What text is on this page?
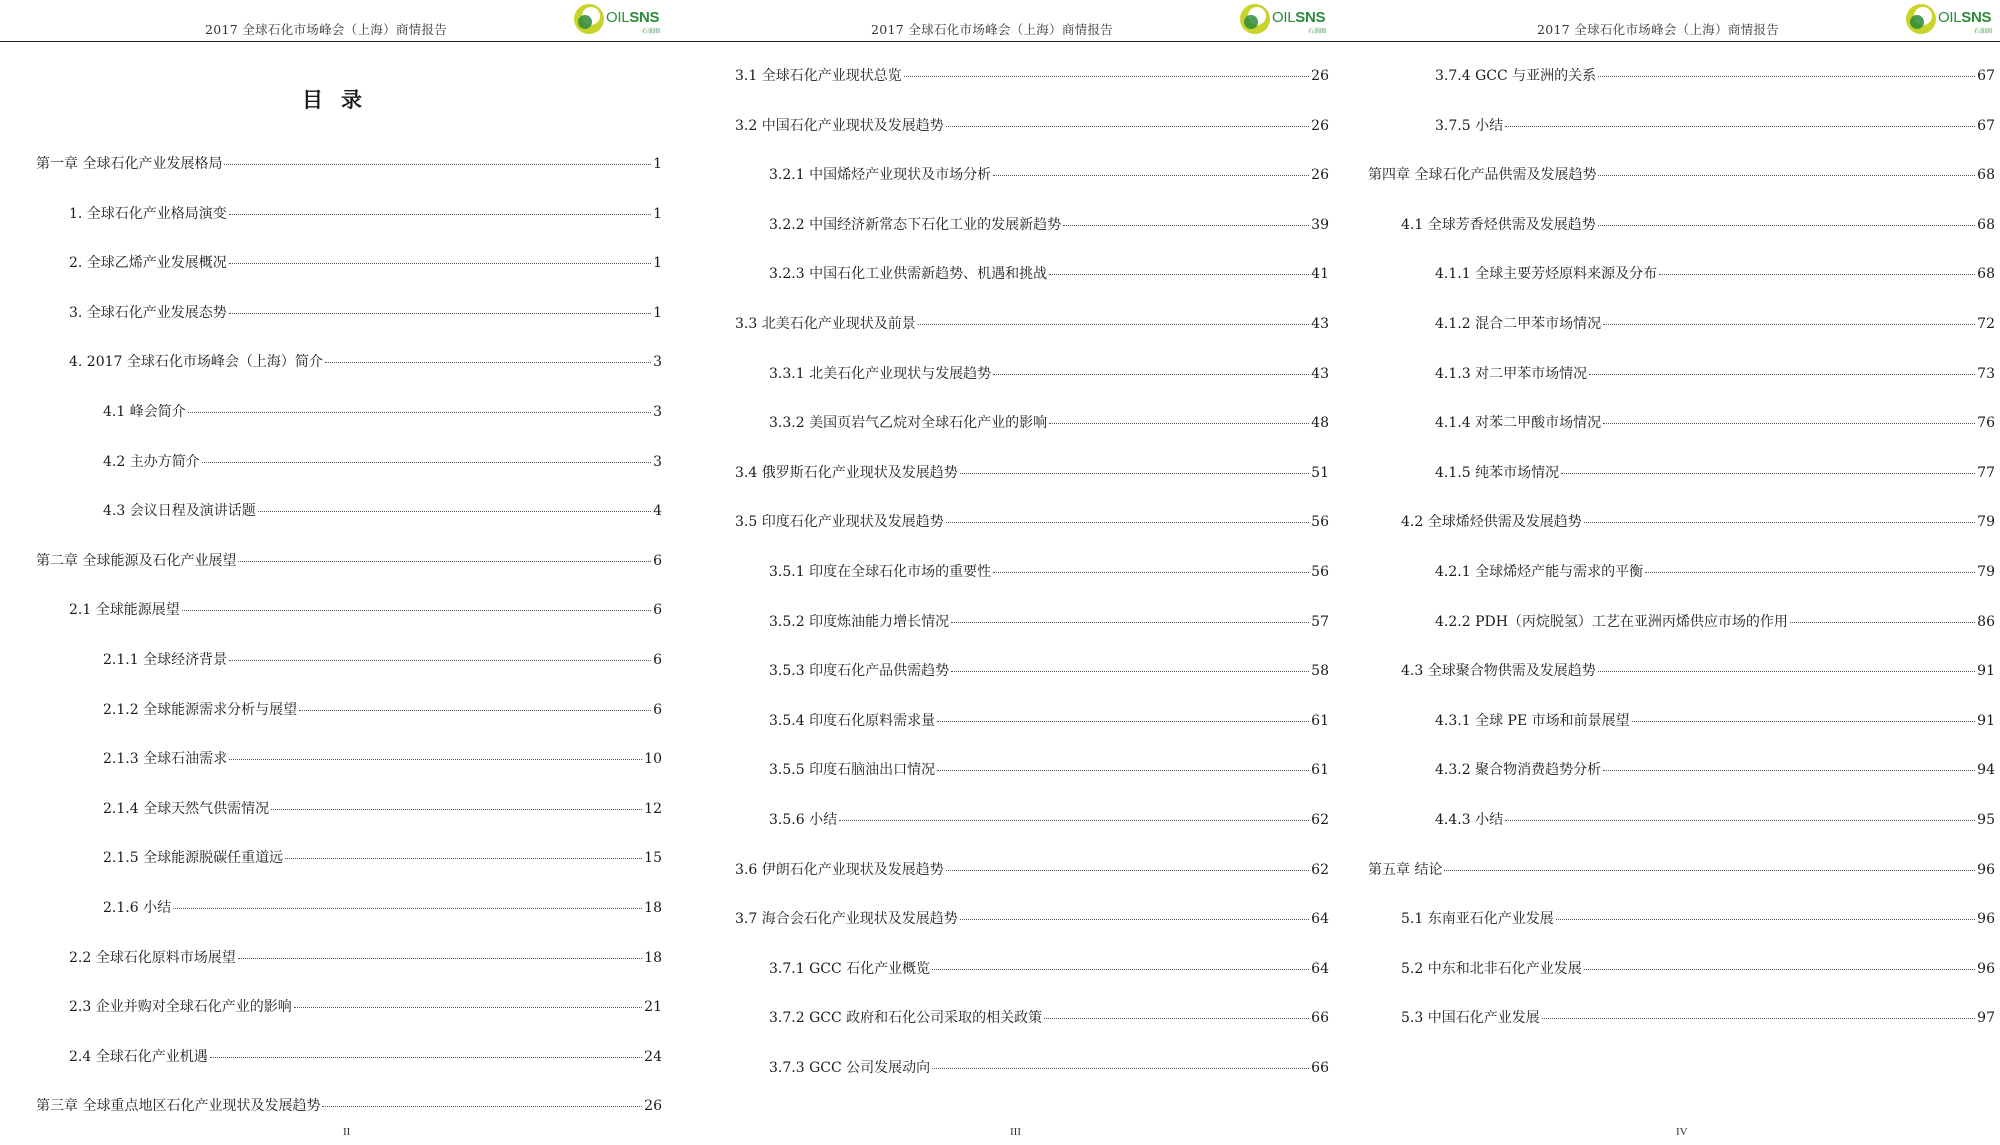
2017 全球石化市场峰会（上海）商情报告
OILSNS
石油圈
目录
第一章 全球石化产业发展格局	1
1. 全球石化产业格局演变	1
2. 全球乙烯产业发展概况	1
3. 全球石化产业发展态势	1
4. 2017 全球石化市场峰会（上海）简介	3
4.1 峰会简介	3
4.2 主办方简介	3
4.3 会议日程及演讲话题	4
第二章 全球能源及石化产业展望	6
2.1 全球能源展望	6
2.1.1 全球经济背景	6
2.1.2 全球能源需求分析与展望	6
2.1.3 全球石油需求	10
2.1.4 全球天然气供需情况	12
2.1.5 全球能源脱碳任重道远	15
2.1.6 小结	18
2.2 全球石化原料市场展望	18
2.3 企业并购对全球石化产业的影响	21
2.4 全球石化产业机遇	24
第三章 全球重点地区石化产业现状及发展趋势	26
II
2017 全球石化市场峰会（上海）商情报告
OILSNS
石油圈
3.1 全球石化产业现状总览	26
3.2 中国石化产业现状及发展趋势	26
3.2.1 中国烯烃产业现状及市场分析	26
3.2.2 中国经济新常态下石化工业的发展新趋势	39
3.2.3 中国石化工业供需新趋势、机遇和挑战	41
3.3 北美石化产业现状及前景	43
3.3.1 北美石化产业现状与发展趋势	43
3.3.2 美国页岩气乙烷对全球石化产业的影响	48
3.4 俄罗斯石化产业现状及发展趋势	51
3.5 印度石化产业现状及发展趋势	56
3.5.1 印度在全球石化市场的重要性	56
3.5.2 印度炼油能力增长情况	57
3.5.3 印度石化产品供需趋势	58
3.5.4 印度石化原料需求量	61
3.5.5 印度石脑油出口情况	61
3.5.6 小结	62
3.6 伊朗石化产业现状及发展趋势	62
3.7 海合会石化产业现状及发展趋势	64
3.7.1 GCC 石化产业概览	64
3.7.2 GCC 政府和石化公司采取的相关政策	66
3.7.3 GCC 公司发展动向	66
III
2017 全球石化市场峰会（上海）商情报告
OILSNS
石油圈
3.7.4 GCC 与亚洲的关系	67
3.7.5 小结	67
第四章 全球石化产品供需及发展趋势	68
4.1 全球芳香烃供需及发展趋势	68
4.1.1 全球主要芳烃原料来源及分布	68
4.1.2 混合二甲苯市场情况	72
4.1.3 对二甲苯市场情况	73
4.1.4 对苯二甲酸市场情况	76
4.1.5 纯苯市场情况	77
4.2 全球烯烃供需及发展趋势	79
4.2.1 全球烯烃产能与需求的平衡	79
4.2.2 PDH（丙烷脱氢）工艺在亚洲丙烯供应市场的作用	86
4.3 全球聚合物供需及发展趋势	91
4.3.1 全球 PE 市场和前景展望	91
4.3.2 聚合物消费趋势分析	94
4.4.3 小结	95
第五章 结论	96
5.1 东南亚石化产业发展	96
5.2 中东和北非石化产业发展	96
5.3 中国石化产业发展	97
IV
